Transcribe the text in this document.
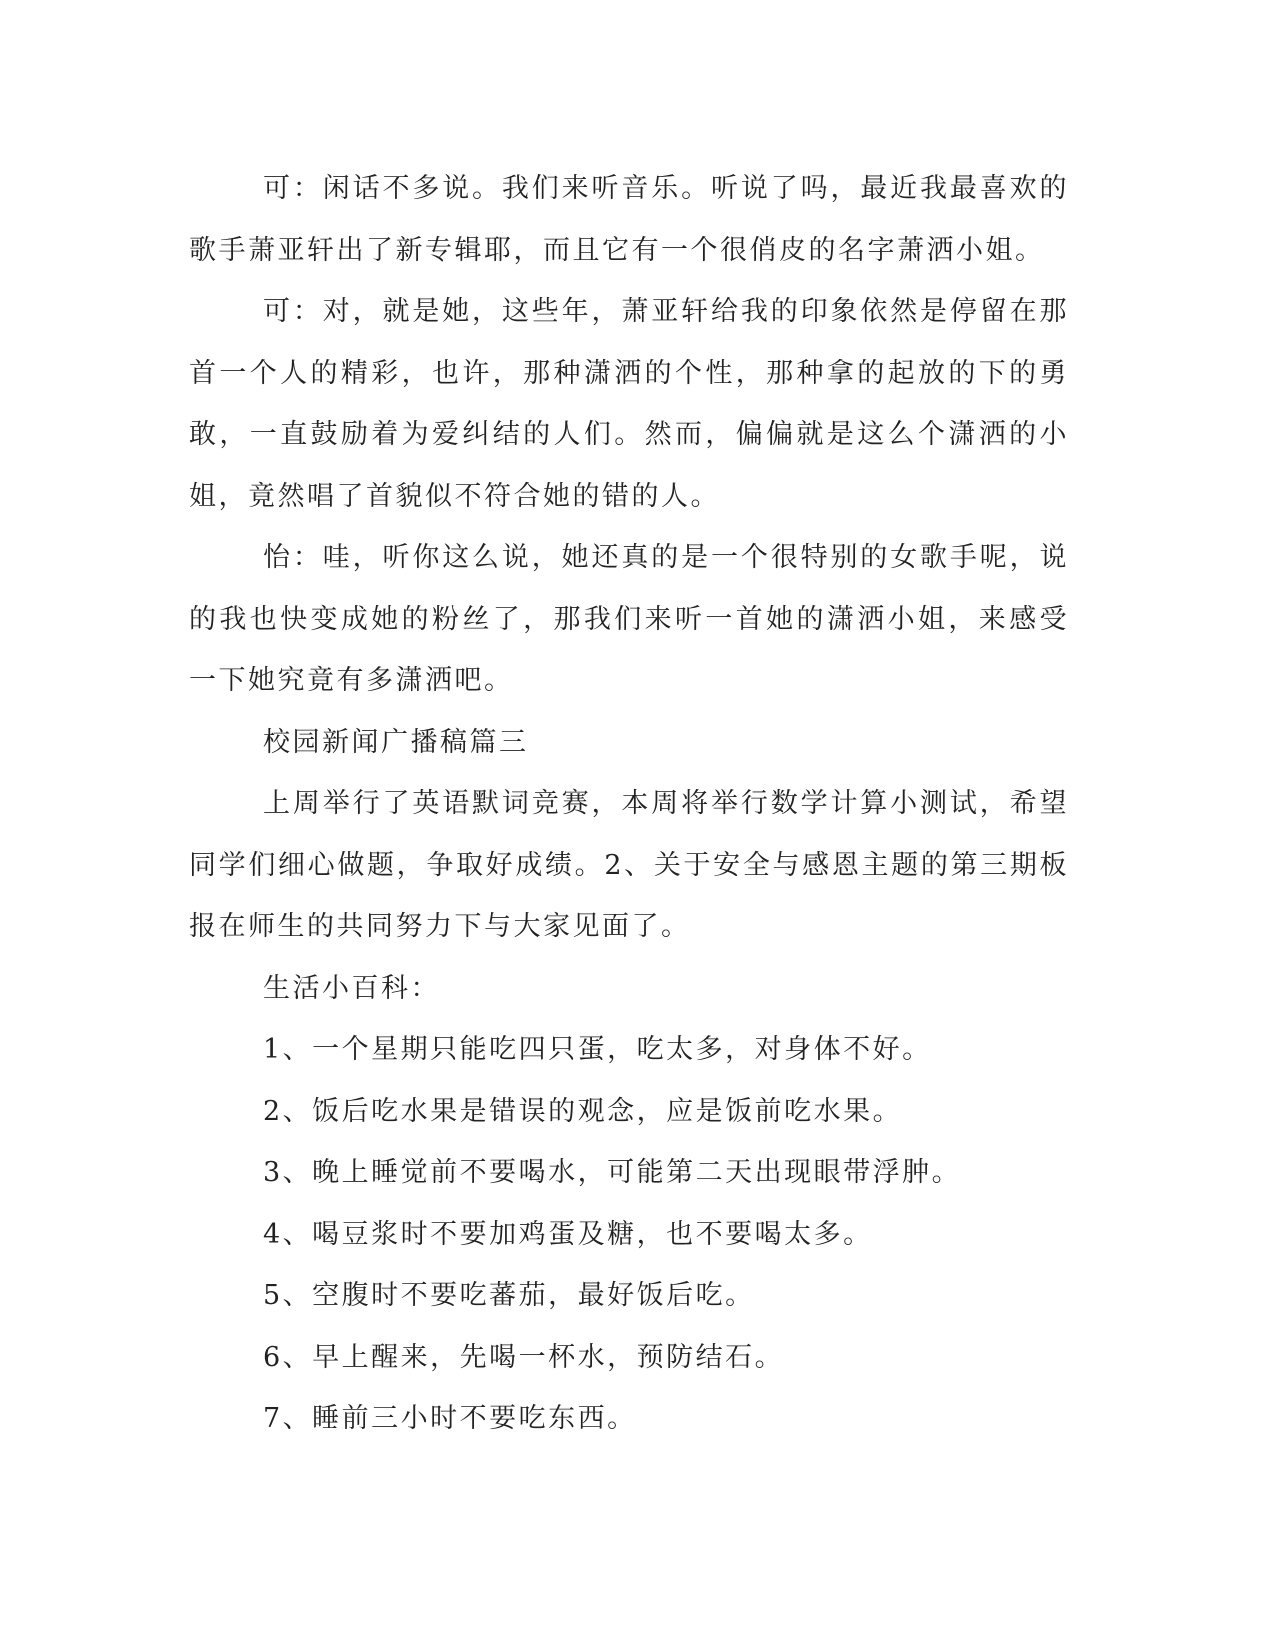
可：闲话不多说。我们来听音乐。听说了吗，最近我最喜欢的歌手萧亚轩出了新专辑耶，而且它有一个很俏皮的名字萧洒小姐。

可：对，就是她，这些年，萧亚轩给我的印象依然是停留在那首一个人的精彩，也许，那种潇洒的个性，那种拿的起放的下的勇敢，一直鼓励着为爱纠结的人们。然而，偏偏就是这么个潇洒的小姐，竟然唱了首貌似不符合她的错的人。

怡：哇，听你这么说，她还真的是一个很特别的女歌手呢，说的我也快变成她的粉丝了，那我们来听一首她的潇洒小姐，来感受一下她究竟有多潇洒吧。

校园新闻广播稿篇三

上周举行了英语默词竞赛，本周将举行数学计算小测试，希望同学们细心做题，争取好成绩。2、关于安全与感恩主题的第三期板报在师生的共同努力下与大家见面了。

生活小百科：

1、一个星期只能吃四只蛋，吃太多，对身体不好。

2、饭后吃水果是错误的观念，应是饭前吃水果。

3、晚上睡觉前不要喝水，可能第二天出现眼带浮肿。

4、喝豆浆时不要加鸡蛋及糖，也不要喝太多。

5、空腹时不要吃蕃茄，最好饭后吃。

6、早上醒来，先喝一杯水，预防结石。

7、睡前三小时不要吃东西。
